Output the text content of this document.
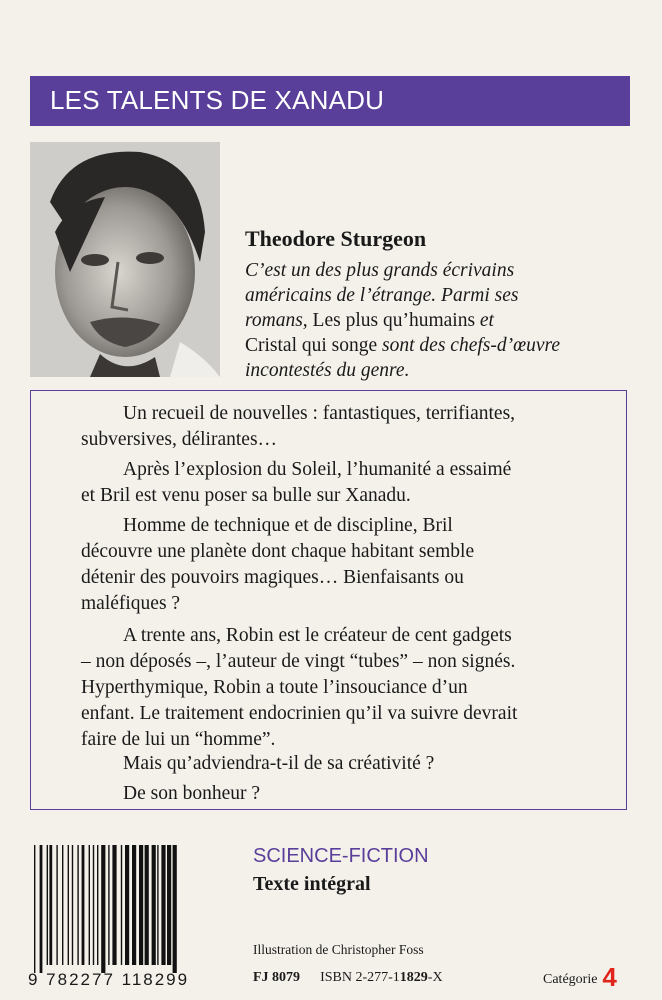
LES TALENTS DE XANADU

Theodore Sturgeon

C’est un des plus grands écrivains
américains de l’étrange. Parmi ses
romans, Les plus qu’humains et
Cristal qui songe sont des chefs-d’œuvre
incontestés du genre.

Un recueil de nouvelles : fantastiques, terrifiantes,
subversives, délirantes…

Après l’explosion du Soleil, l’humanité a essaimé
et Bril est venu poser sa bulle sur Xanadu.

Homme de technique et de discipline, Bril
découvre une planète dont chaque habitant semble
détenir des pouvoirs magiques… Bienfaisants ou
maléfiques ?

A trente ans, Robin est le créateur de cent gadgets
– non déposés –, l’auteur de vingt “tubes” – non signés.
Hyperthymique, Robin a toute l’insouciance d’un
enfant. Le traitement endocrinien qu’il va suivre devrait
faire de lui un “homme”.

Mais qu’adviendra-t-il de sa créativité ?

De son bonheur ?

9 782277 118299
SCIENCE-FICTION
Texte intégral
Illustration de Christopher Foss
FJ 8079 ISBN 2-277-11829-X	Catégorie 4
